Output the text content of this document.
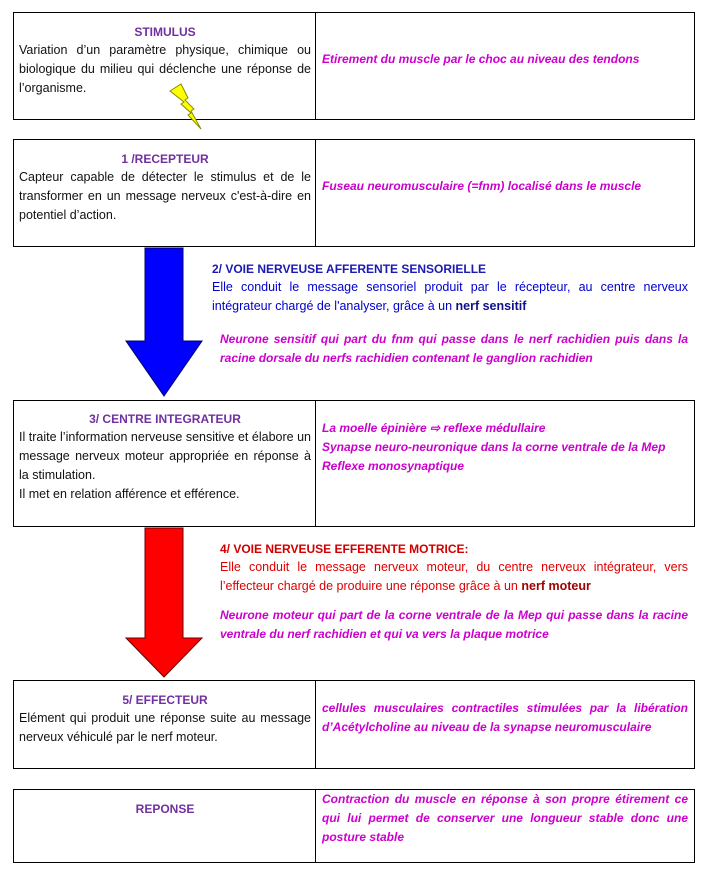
STIMULUS
Variation d’un paramètre physique, chimique ou biologique du milieu qui déclenche une réponse de l’organisme.
Etirement du muscle par le choc au niveau des tendons
1 /RECEPTEUR
Capteur capable de détecter le stimulus et de le transformer en un message nerveux c'est-à-dire en potentiel d’action.
Fuseau neuromusculaire (=fnm) localisé dans le muscle
2/ VOIE NERVEUSE AFFERENTE SENSORIELLE
Elle conduit le message sensoriel produit par le récepteur, au centre nerveux intégrateur chargé de l'analyser, grâce à un nerf sensitif
Neurone sensitif qui part du fnm qui passe dans le nerf rachidien puis dans la racine dorsale du nerfs rachidien contenant le ganglion rachidien
3/ CENTRE INTEGRATEUR
Il traite l’information nerveuse sensitive et élabore un message nerveux moteur appropriée en réponse à la stimulation.
Il met en relation afférence et efférence.
La moelle épinière ⇨ reflexe médullaire
Synapse neuro-neuronique dans la corne ventrale de la Mep
Reflexe monosynaptique
4/ VOIE NERVEUSE EFFERENTE MOTRICE:
Elle conduit le message nerveux moteur, du centre nerveux intégrateur, vers l’effecteur chargé de produire une réponse grâce à un nerf moteur
Neurone moteur qui part de la corne ventrale de la Mep qui passe dans la racine ventrale du nerf rachidien et qui va vers la plaque motrice
5/ EFFECTEUR
Elément qui produit une réponse suite au message nerveux véhiculé par le nerf moteur.
cellules musculaires contractiles stimulées par la libération d’Acétylcholine au niveau de la synapse neuromusculaire
REPONSE
Contraction du muscle en réponse à son propre étirement ce qui lui permet de conserver une longueur stable donc une posture stable
